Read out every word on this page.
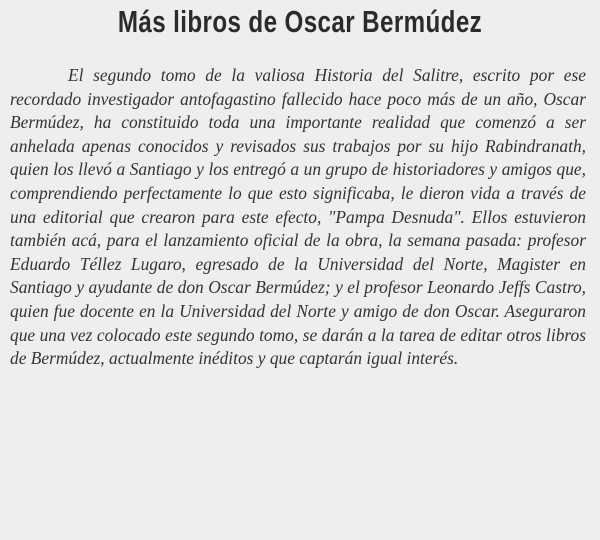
Más libros de Oscar Bermúdez

El segundo tomo de la valiosa Historia del Salitre, escrito por ese recordado investigador antofagastino fallecido hace poco más de un año, Oscar Bermúdez, ha constituido toda una importante realidad que comenzó a ser anhelada apenas conocidos y revisados sus trabajos por su hijo Rabindranath, quien los llevó a Santiago y los entregó a un grupo de historiadores y amigos que, comprendiendo perfectamente lo que esto significaba, le dieron vida a través de una editorial que crearon para este efecto, "Pampa Desnuda". Ellos estuvieron también acá, para el lanzamiento oficial de la obra, la semana pasada: profesor Eduardo Téllez Lugaro, egresado de la Universidad del Norte, Magister en Santiago y ayudante de don Oscar Bermúdez; y el profesor Leonardo Jeffs Castro, quien fue docente en la Universidad del Norte y amigo de don Oscar. Aseguraron que una vez colocado este segundo tomo, se darán a la tarea de editar otros libros de Bermúdez, actualmente inéditos y que captarán igual interés.
